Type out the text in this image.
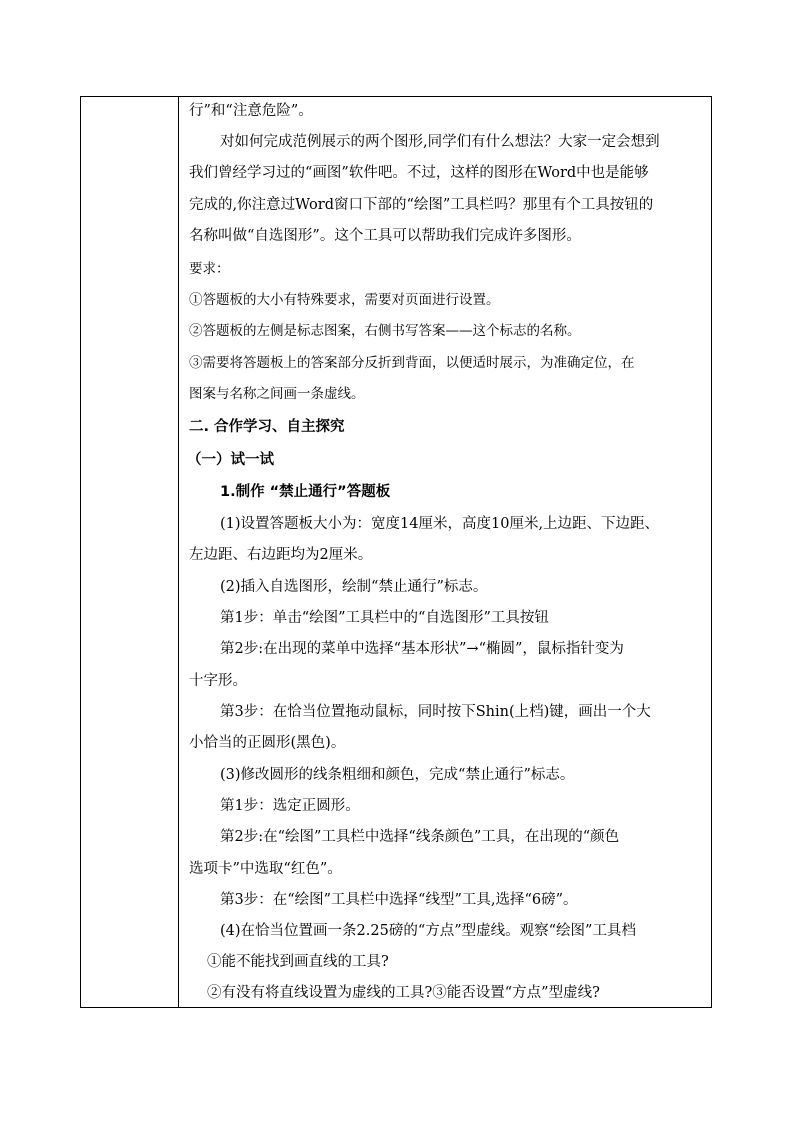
行”和“注意危险”。
对如何完成范例展示的两个图形,同学们有什么想法？大家一定会想到
我们曾经学习过的“画图”软件吧。不过，这样的图形在Word中也是能够
完成的,你注意过Word窗口下部的“绘图”工具栏吗？那里有个工具按钮的
名称叫做“自选图形”。这个工具可以帮助我们完成许多图形。
要求：
①答题板的大小有特殊要求，需要对页面进行设置。
②答题板的左侧是标志图案，右侧书写答案——这个标志的名称。
③需要将答题板上的答案部分反折到背面，以便适时展示，为准确定位，在
图案与名称之间画一条虚线。
二. 合作学习、自主探究
（一）试一试
1.制作 “禁止通行”答题板
(1)设置答题板大小为：宽度14厘米，高度10厘米,上边距、下边距、
左边距、右边距均为2厘米。
(2)插入自选图形，绘制“禁止通行”标志。
第1步：单击“绘图”工具栏中的“自选图形”工具按钮
第2步:在出现的菜单中选择“基本形状”→“椭圆”，鼠标指针变为
十字形。
第3步：在恰当位置拖动鼠标，同时按下Shin(上档)键，画出一个大
小恰当的正圆形(黑色)。
(3)修改圆形的线条粗细和颜色，完成“禁止通行”标志。
第1步：选定正圆形。
第2步:在“绘图”工具栏中选择“线条颜色”工具，在出现的“颜色
选项卡”中选取“红色”。
第3步：在“绘图”工具栏中选择“线型”工具,选择“6磅”。
(4)在恰当位置画一条2.25磅的“方点”型虚线。观察“绘图”工具档
①能不能找到画直线的工具?
②有没有将直线设置为虚线的工具?③能否设置“方点”型虚线?
